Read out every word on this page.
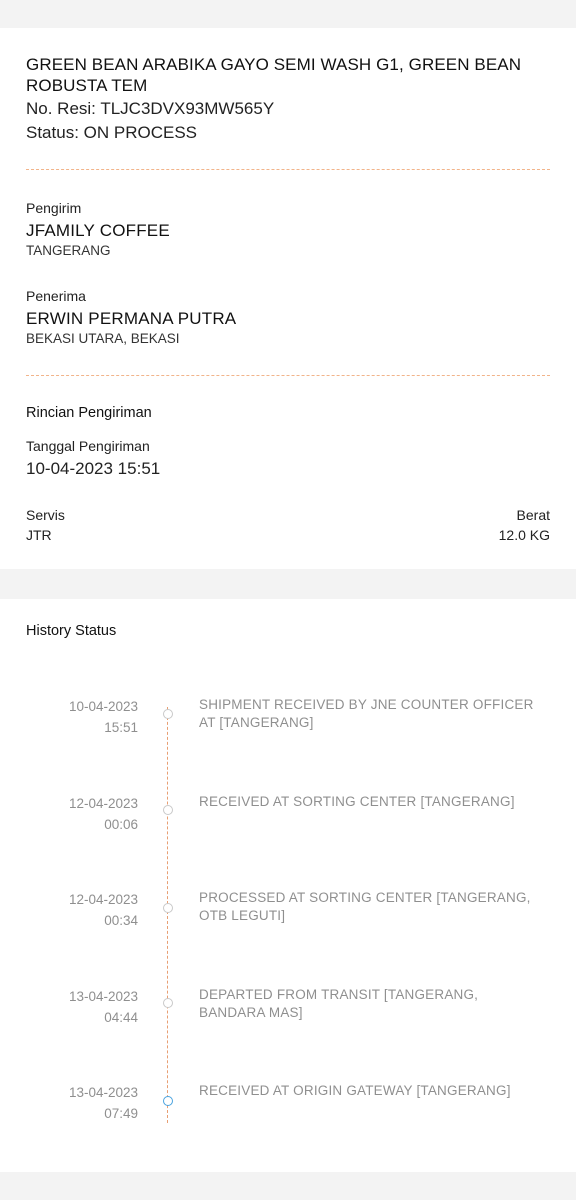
GREEN BEAN ARABIKA GAYO SEMI WASH G1, GREEN BEAN ROBUSTA TEM
No. Resi: TLJC3DVX93MW565Y
Status: ON PROCESS
Pengirim
JFAMILY COFFEE
TANGERANG
Penerima
ERWIN PERMANA PUTRA
BEKASI UTARA, BEKASI
Rincian Pengiriman
Tanggal Pengiriman
10-04-2023 15:51
Servis
JTR
Berat
12.0 KG
History Status
10-04-2023
15:51
SHIPMENT RECEIVED BY JNE COUNTER OFFICER AT [TANGERANG]
12-04-2023
00:06
RECEIVED AT SORTING CENTER [TANGERANG]
12-04-2023
00:34
PROCESSED AT SORTING CENTER [TANGERANG, OTB LEGUTI]
13-04-2023
04:44
DEPARTED FROM TRANSIT [TANGERANG, BANDARA MAS]
13-04-2023
07:49
RECEIVED AT ORIGIN GATEWAY [TANGERANG]
